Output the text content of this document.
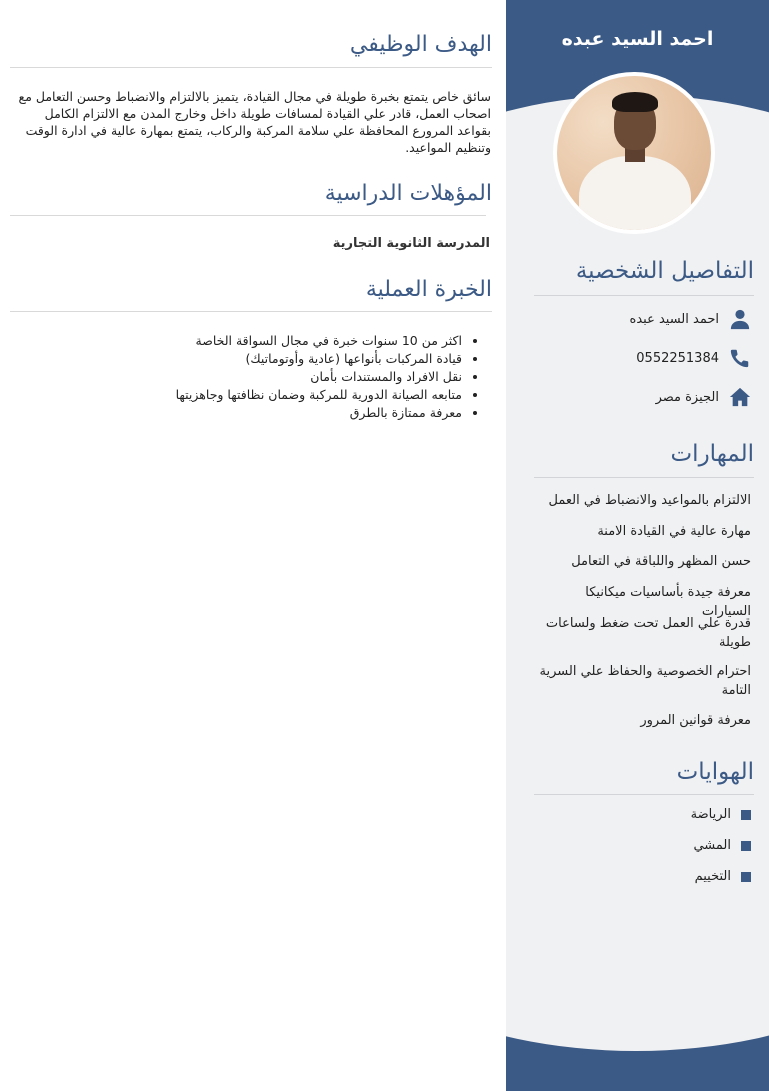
احمد السيد عبده
التفاصيل الشخصية
احمد السيد عبده
0552251384
الجيزة مصر
المهارات
الالتزام بالمواعيد والانضباط في العمل
مهارة عالية في القيادة الامنة
حسن المظهر واللباقة في التعامل
معرفة جيدة بأساسيات ميكانيكا السيارات
قدرة علي العمل تحت ضغط ولساعات طويلة
احترام الخصوصية والحفاظ علي السرية التامة
معرفة قوانين المرور
الهوايات
الرياضة
المشي
التخييم
الهدف الوظيفي
سائق خاص يتمتع بخبرة طويلة في مجال القيادة، يتميز بالالتزام والانضباط وحسن التعامل مع اصحاب العمل، قادر علي القيادة لمسافات طويلة داخل وخارج المدن مع الالتزام الكامل بقواعد المرورع المحافظة علي سلامة المركبة والركاب، يتمتع بمهارة عالية في ادارة الوقت وتنظيم المواعيد.
المؤهلات الدراسية
المدرسة الثانوية التجارية
الخبرة العملية
• اكثر من 10 سنوات خبرة في مجال السواقة الخاصة
• قيادة المركبات بأنواعها (عادية وأوتوماتيك)
• نقل الافراد والمستندات بأمان
• متابعه الصيانة الدورية للمركبة وضمان نظافتها وجاهزيتها
• معرفة ممتازة بالطرق
